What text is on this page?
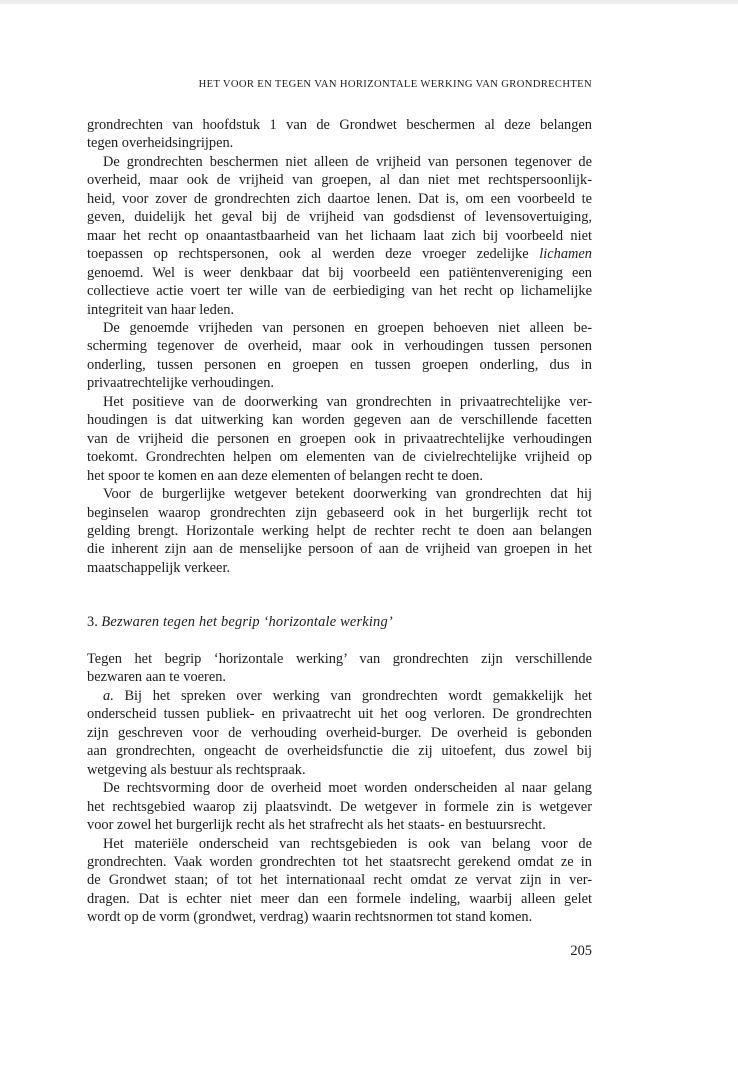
HET VOOR EN TEGEN VAN HORIZONTALE WERKING VAN GRONDRECHTEN
grondrechten van hoofdstuk 1 van de Grondwet beschermen al deze belangen
tegen overheidsingrijpen.
De grondrechten beschermen niet alleen de vrijheid van personen tegenover de
overheid, maar ook de vrijheid van groepen, al dan niet met rechtspersoonlijk-
heid, voor zover de grondrechten zich daartoe lenen. Dat is, om een voorbeeld te
geven, duidelijk het geval bij de vrijheid van godsdienst of levensovertuiging,
maar het recht op onaantastbaarheid van het lichaam laat zich bij voorbeeld niet
toepassen op rechtspersonen, ook al werden deze vroeger zedelijke lichamen
genoemd. Wel is weer denkbaar dat bij voorbeeld een patiëntenvereniging een
collectieve actie voert ter wille van de eerbiediging van het recht op lichamelijke
integriteit van haar leden.
De genoemde vrijheden van personen en groepen behoeven niet alleen be-
scherming tegenover de overheid, maar ook in verhoudingen tussen personen
onderling, tussen personen en groepen en tussen groepen onderling, dus in
privaatrechtelijke verhoudingen.
Het positieve van de doorwerking van grondrechten in privaatrechtelijke ver-
houdingen is dat uitwerking kan worden gegeven aan de verschillende facetten
van de vrijheid die personen en groepen ook in privaatrechtelijke verhoudingen
toekomt. Grondrechten helpen om elementen van de civielrechtelijke vrijheid op
het spoor te komen en aan deze elementen of belangen recht te doen.
Voor de burgerlijke wetgever betekent doorwerking van grondrechten dat hij
beginselen waarop grondrechten zijn gebaseerd ook in het burgerlijk recht tot
gelding brengt. Horizontale werking helpt de rechter recht te doen aan belangen
die inherent zijn aan de menselijke persoon of aan de vrijheid van groepen in het
maatschappelijk verkeer.
3. Bezwaren tegen het begrip ‘horizontale werking’
Tegen het begrip ‘horizontale werking’ van grondrechten zijn verschillende
bezwaren aan te voeren.
a. Bij het spreken over werking van grondrechten wordt gemakkelijk het
onderscheid tussen publiek- en privaatrecht uit het oog verloren. De grondrechten
zijn geschreven voor de verhouding overheid-burger. De overheid is gebonden
aan grondrechten, ongeacht de overheidsfunctie die zij uitoefent, dus zowel bij
wetgeving als bestuur als rechtspraak.
De rechtsvorming door de overheid moet worden onderscheiden al naar gelang
het rechtsgebied waarop zij plaatsvindt. De wetgever in formele zin is wetgever
voor zowel het burgerlijk recht als het strafrecht als het staats- en bestuursrecht.
Het materiële onderscheid van rechtsgebieden is ook van belang voor de
grondrechten. Vaak worden grondrechten tot het staatsrecht gerekend omdat ze in
de Grondwet staan; of tot het internationaal recht omdat ze vervat zijn in ver-
dragen. Dat is echter niet meer dan een formele indeling, waarbij alleen gelet
wordt op de vorm (grondwet, verdrag) waarin rechtsnormen tot stand komen.
205
